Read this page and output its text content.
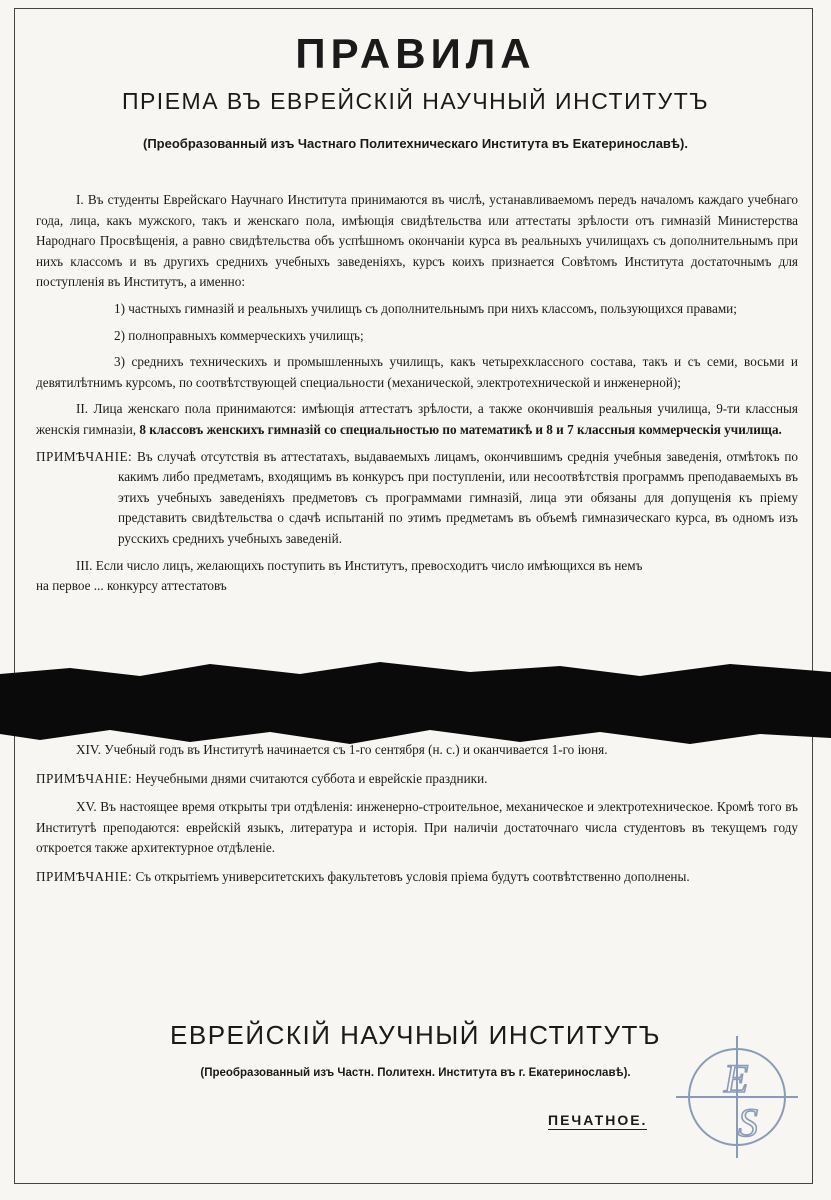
ПРАВИЛА
ПРІЕМА ВЪ ЕВРЕЙСКІЙ НАУЧНЫЙ ИНСТИТУТЪ
(Преобразованный изъ Частнаго Политехническаго Института въ Екатеринославѣ).

I. Въ студенты Еврейскаго Научнаго Института принимаются въ числѣ, устанавливаемомъ передъ началомъ каждаго учебнаго года, лица, какъ мужского, такъ и женскаго пола, имѣющія свидѣтельства или аттестаты зрѣлости отъ гимназій Министерства Народнаго Просвѣщенія, а равно свидѣтельства объ успѣшномъ окончаніи курса въ реальныхъ училищахъ съ дополнительнымъ при нихъ классомъ и въ другихъ среднихъ учебныхъ заведеніяхъ, курсъ коихъ признается Совѣтомъ Института достаточнымъ для поступленія въ Институтъ, а именно:

1) частныхъ гимназій и реальныхъ училищъ съ дополнительнымъ при нихъ классомъ, пользующихся правами;

2) полноправныхъ коммерческихъ училищъ;

3) среднихъ техническихъ и промышленныхъ училищъ, какъ четырехклассного состава, такъ и съ семи, восьми и девятилѣтнимъ курсомъ, по соотвѣтствующей специальности (механической, электротехнической и инженерной);

II. Лица женскаго пола принимаются: имѣющія аттестатъ зрѣлости, а также окончившія реальныя училища, 9-ти классныя женскія гимназіи, 8 классовъ женскихъ гимназій со специальностью по математикѣ и 8 и 7 классныя коммерческія училища.

ПРИМѢЧАНІЕ: Въ случаѣ отсутствія въ аттестатахъ, выдаваемыхъ лицамъ, окончившимъ среднія учебныя заведенія, отмѣтокъ по какимъ либо предметамъ, входящимъ въ конкурсъ при поступленіи, или несоотвѣтствія программъ преподаваемыхъ въ этихъ учебныхъ заведеніяхъ предметовъ съ программами гимназій, лица эти обязаны для допущенія къ пріему представить свидѣтельства о сдачѣ испытаній по этимъ предметамъ въ объемѣ гимназическаго курса, въ одномъ изъ русскихъ среднихъ учебныхъ заведеній.

III. Если число лицъ, желающихъ поступить въ Институтъ, превосходитъ число имѣющихся въ немъ

на первое ... конкурсу аттестатовъ

XIV. Учебный годъ въ Институтѣ начинается съ 1-го сентября (н. с.) и оканчивается 1-го іюня.

ПРИМѢЧАНІЕ: Неучебными днями считаются суббота и еврейскіе праздники.

XV. Въ настоящее время открыты три отдѣленія: инженерно-строительное, механическое и электротехническое. Кромѣ того въ Институтѣ преподаются: еврейскій языкъ, литература и исторія. При наличіи достаточнаго числа студентовъ въ текущемъ году откроется также архитектурное отдѣленіе.

ПРИМѢЧАНІЕ: Съ открытіемъ университетскихъ факультетовъ условія пріема будутъ соотвѣтственно дополнены.

ЕВРЕЙСКІЙ НАУЧНЫЙ ИНСТИТУТЪ
(Преобразованный изъ Частн. Политехн. Института въ г. Екатеринославѣ).
ПЕЧАТНОЕ.
E
S
